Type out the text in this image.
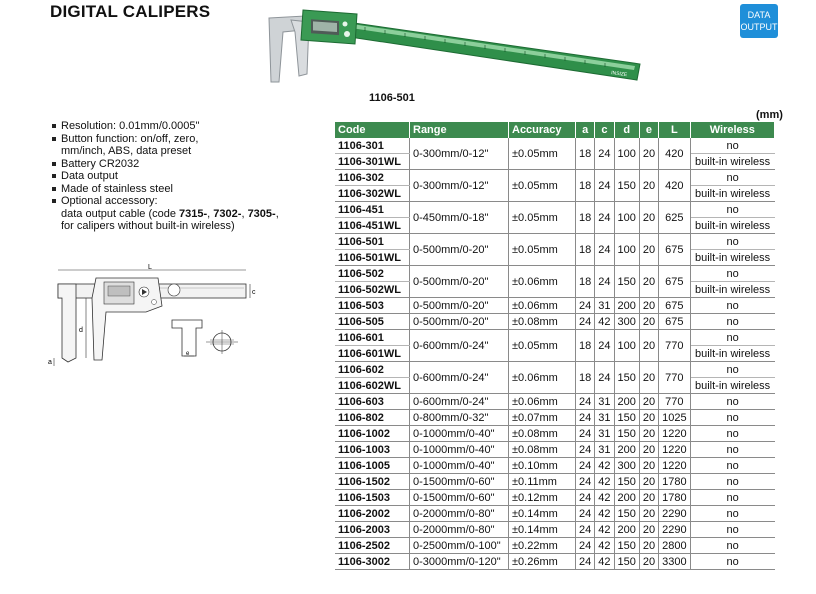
DIGITAL CALIPERS	DATA
OUTPUT
INSIZE
1106-501
(mm)
Resolution: 0.01mm/0.0005"
Button function: on/off, zero,
mm/inch, ABS, data preset
Battery CR2032
Data output
Made of stainless steel
Optional accessory:
data output cable (code 7315-, 7302-, 7305-,
for calipers without built-in wireless)
L
c
d
a
e
Code	Range	Accuracy	a	c	d	e	L	Wireless
1106-301	0-300mm/0-12"	±0.05mm	18	24	100	20	420	no
1106-301WL								built-in wireless
1106-302	0-300mm/0-12"	±0.05mm	18	24	150	20	420	no
1106-302WL								built-in wireless
1106-451	0-450mm/0-18"	±0.05mm	18	24	100	20	625	no
1106-451WL								built-in wireless
1106-501	0-500mm/0-20"	±0.05mm	18	24	100	20	675	no
1106-501WL								built-in wireless
1106-502	0-500mm/0-20"	±0.06mm	18	24	150	20	675	no
1106-502WL								built-in wireless
1106-503	0-500mm/0-20"	±0.06mm	24	31	200	20	675	no
1106-505	0-500mm/0-20"	±0.08mm	24	42	300	20	675	no
1106-601	0-600mm/0-24"	±0.05mm	18	24	100	20	770	no
1106-601WL								built-in wireless
1106-602	0-600mm/0-24"	±0.06mm	18	24	150	20	770	no
1106-602WL								built-in wireless
1106-603	0-600mm/0-24"	±0.06mm	24	31	200	20	770	no
1106-802	0-800mm/0-32"	±0.07mm	24	31	150	20	1025	no
1106-1002	0-1000mm/0-40"	±0.08mm	24	31	150	20	1220	no
1106-1003	0-1000mm/0-40"	±0.08mm	24	31	200	20	1220	no
1106-1005	0-1000mm/0-40"	±0.10mm	24	42	300	20	1220	no
1106-1502	0-1500mm/0-60"	±0.11mm	24	42	150	20	1780	no
1106-1503	0-1500mm/0-60"	±0.12mm	24	42	200	20	1780	no
1106-2002	0-2000mm/0-80"	±0.14mm	24	42	150	20	2290	no
1106-2003	0-2000mm/0-80"	±0.14mm	24	42	200	20	2290	no
1106-2502	0-2500mm/0-100"	±0.22mm	24	42	150	20	2800	no
1106-3002	0-3000mm/0-120"	±0.26mm	24	42	150	20	3300	no
